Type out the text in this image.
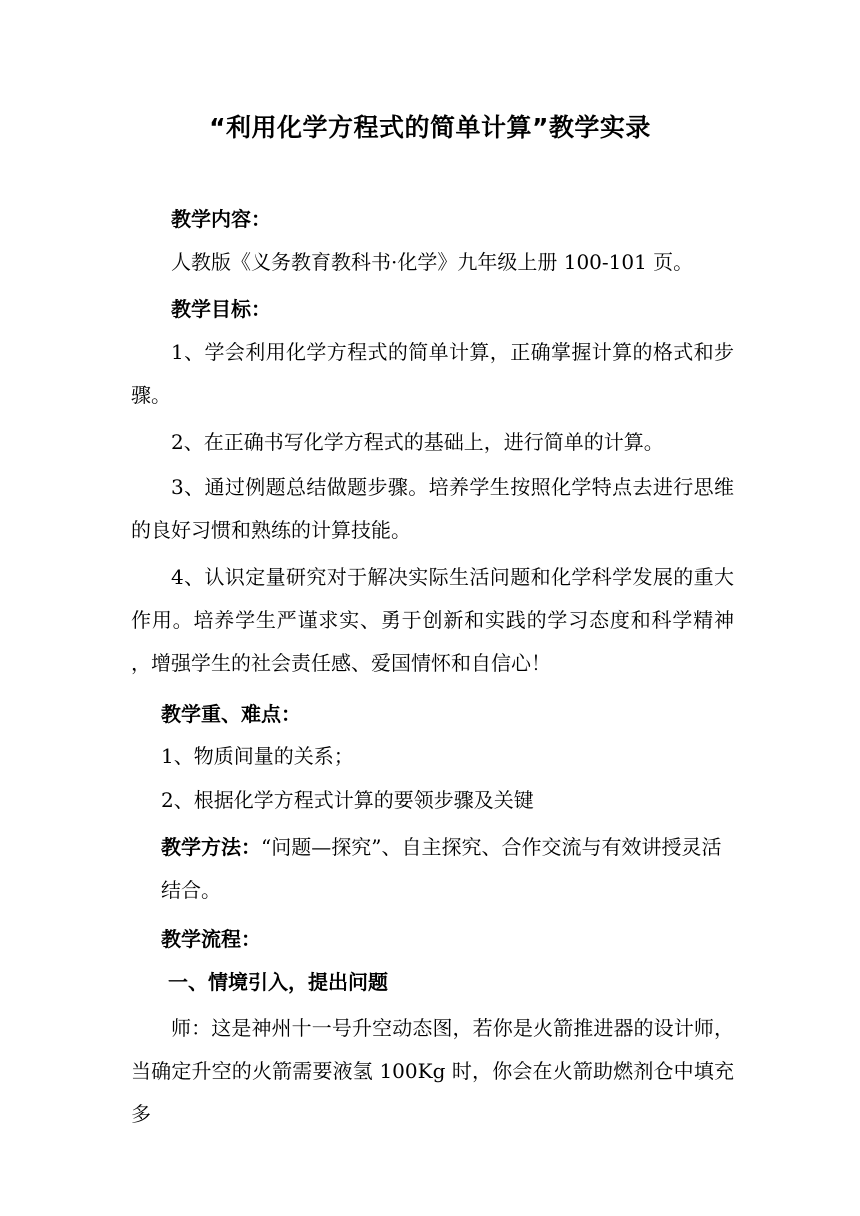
“利用化学方程式的简单计算”教学实录
教学内容：
人教版《义务教育教科书·化学》九年级上册 100-101 页。
教学目标：

1、学会利用化学方程式的简单计算，正确掌握计算的格式和步骤。

2、在正确书写化学方程式的基础上，进行简单的计算。

3、通过例题总结做题步骤。培养学生按照化学特点去进行思维的良好习惯和熟练的计算技能。

4、认识定量研究对于解决实际生活问题和化学科学发展的重大作用。培养学生严谨求实、勇于创新和实践的学习态度和科学精神 ，增强学生的社会责任感、爱国情怀和自信心！

教学重、难点：
1、物质间量的关系；
2、根据化学方程式计算的要领步骤及关键
教学方法：“问题—探究”、自主探究、合作交流与有效讲授灵活
结合。
教学流程：
一、情境引入，提出问题

师：这是神州十一号升空动态图，若你是火箭推进器的设计师，当确定升空的火箭需要液氢 100Kg 时，你会在火箭助燃剂仓中填充多
